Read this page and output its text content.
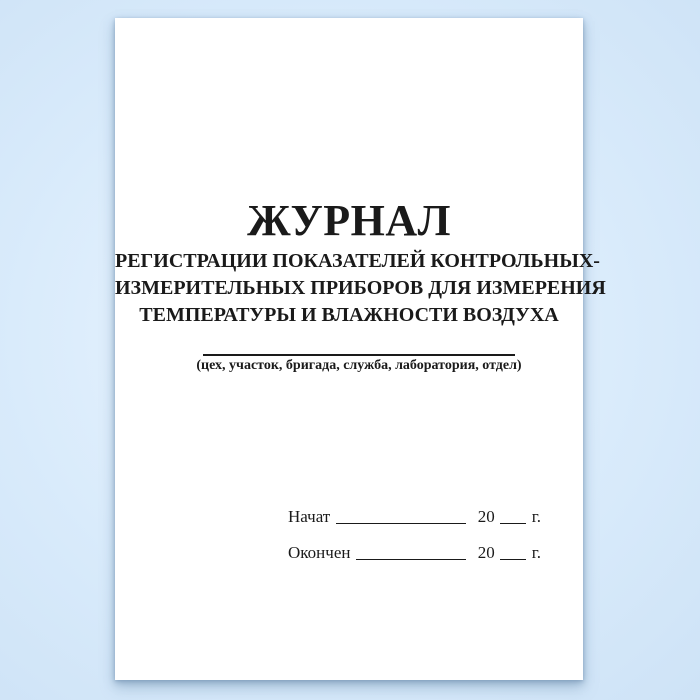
ЖУРНАЛ
РЕГИСТРАЦИИ ПОКАЗАТЕЛЕЙ КОНТРОЛЬНЫХ-
ИЗМЕРИТЕЛЬНЫХ ПРИБОРОВ ДЛЯ ИЗМЕРЕНИЯ
ТЕМПЕРАТУРЫ И ВЛАЖНОСТИ ВОЗДУХА
(цех, участок, бригада, служба, лаборатория, отдел)
Начат	20 г.
Окончен	20 г.
